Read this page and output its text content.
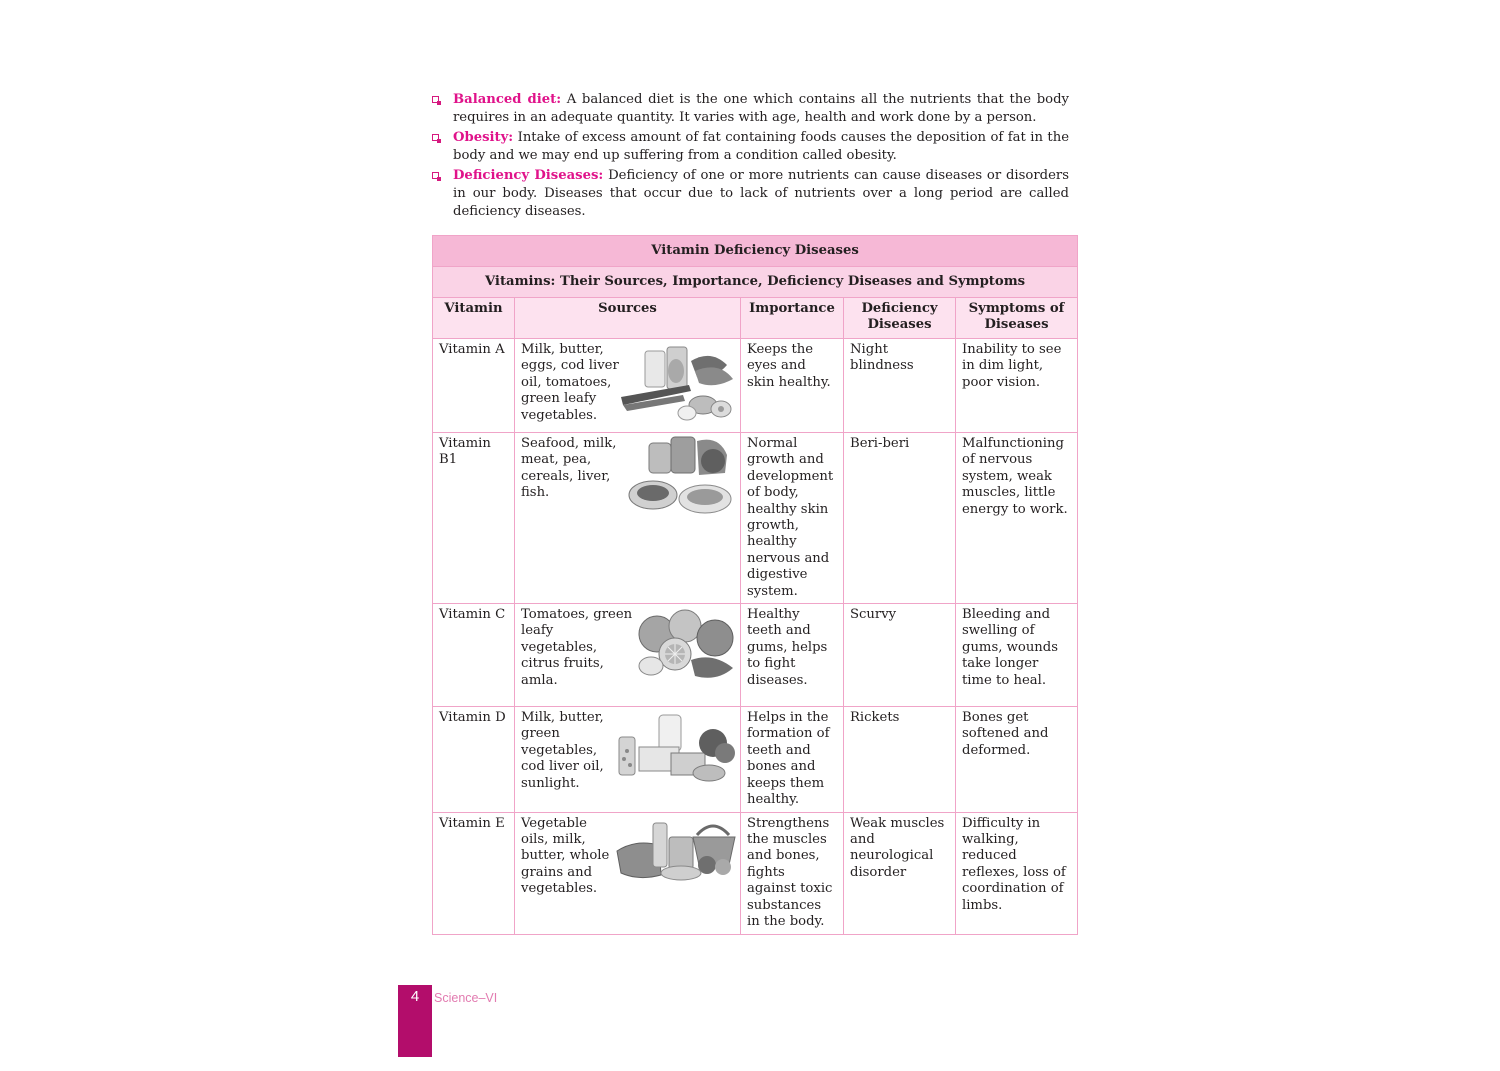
Balanced diet: A balanced diet is the one which contains all the nutrients that the body requires in an adequate quantity. It varies with age, health and work done by a person.
Obesity: Intake of excess amount of fat containing foods causes the deposition of fat in the body and we may end up suffering from a condition called obesity.
Deficiency Diseases: Deficiency of one or more nutrients can cause diseases or disorders in our body. Diseases that occur due to lack of nutrients over a long period are called deficiency diseases.
Vitamin Deficiency Diseases				
Vitamins: Their Sources, Importance, Deficiency Diseases and Symptoms				
Vitamin	Sources	Importance	Deficiency Diseases	Symptoms of Diseases
Vitamin A	Milk, butter, eggs, cod liver oil, tomatoes, green leafy vegetables.	Keeps the eyes and skin healthy.	Night blindness	Inability to see in dim light, poor vision.
Vitamin B1	Seafood, milk, meat, pea, cereals, liver, fish.	Normal growth and development of body, healthy skin growth, healthy nervous and digestive system.	Beri-beri	Malfunctioning of nervous system, weak muscles, little energy to work.
Vitamin C	Tomatoes, green leafy vegetables, citrus fruits, amla.	Healthy teeth and gums, helps to fight diseases.	Scurvy	Bleeding and swelling of gums, wounds take longer time to heal.
Vitamin D	Milk, butter, green vegetables, cod liver oil, sunlight.	Helps in the formation of teeth and bones and keeps them healthy.	Rickets	Bones get softened and deformed.
Vitamin E	Vegetable oils, milk, butter, whole grains and vegetables.	Strengthens the muscles and bones, fights against toxic substances in the body.	Weak muscles and neurological disorder	Difficulty in walking, reduced reflexes, loss of coordination of limbs.
4	Science–VI
